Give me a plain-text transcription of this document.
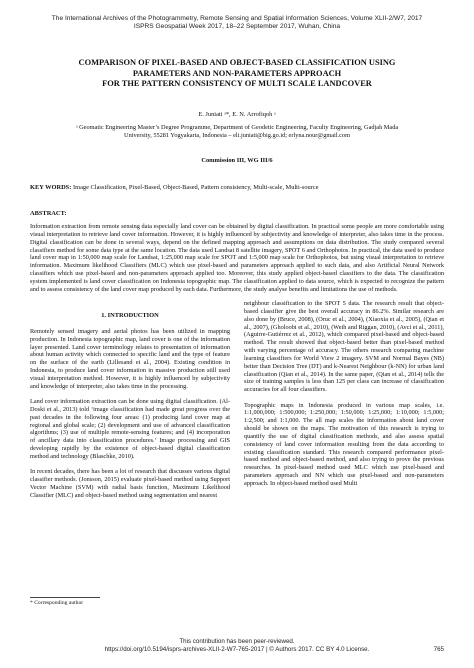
The International Archives of the Photogrammetry, Remote Sensing and Spatial Information Sciences, Volume XLII-2/W7, 2017
ISPRS Geospatial Week 2017, 18–22 September 2017, Wuhan, China
COMPARISON OF PIXEL-BASED AND OBJECT-BASED CLASSIFICATION USING
PARAMETERS AND NON-PARAMETERS APPROACH
FOR THE PATTERN CONSISTENCY OF MULTI SCALE LANDCOVER
E. Juniati ᵃ*, E. N. Arrofiqoh ᵃ
ᵃ Geomatic Engineering Master’s Degree Programme, Department of Geodetic Engineering, Faculty Engineering, Gadjah Mada
University, 55281 Yogyakarta, Indonesia – eli.juniati@big.go.id; erlyna.nour@gmail.com
Commission III, WG III/6
KEY WORDS: Image Classification, Pixel-Based, Object-Based, Pattern consistency, Multi-scale, Multi-source
ABSTRACT:
Information extraction from remote sensing data especially land cover can be obtained by digital classification. In practical some people are more comfortable using visual interpretation to retrieve land cover information. However, it is highly influenced by subjectivity and knowledge of interpreter, also takes time in the process. Digital classification can be done in several ways, depend on the defined mapping approach and assumptions on data distribution. The study compared several classifiers method for some data type at the same location. The data used Landsat 8 satellite imagery, SPOT 6 and Orthophotos. In practical, the data used to produce land cover map in 1:50,000 map scale for Landsat, 1:25,000 map scale for SPOT and 1:5,000 map scale for Orthophotos, but using visual interpretation to retrieve information. Maximum likelihood Classifiers (MLC) which use pixel-based and parameters approach applied to such data, and also Artificial Neural Network classifiers which use pixel-based and non-parameters approach applied too. Moreover, this study applied object-based classifiers to the data. The classification system implemented is land cover classification on Indonesia topographic map. The classification applied to data source, which is expected to recognize the pattern and to assess consistency of the land cover map produced by each data. Furthermore, the study analyse benefits and limitations the use of methods.
1. INTRODUCTION

Remotely sensed imagery and aerial photos has been utilized in mapping production. In Indonesia topographic map, land cover is one of the information layer presented. Land cover terminology relates to presentation of information about human activity which connected to specific land and the type of feature on the surface of the earth (Lillesand et al., 2004). Existing condition in Indonesia, to produce land cover information in massive production still used visual interpretation method. However, it is highly influenced by subjectivity and knowledge of interpreter, also takes time in the processing.

Land cover information extraction can be done using digital classification. (Al-Doski et al., 2013) told ‘image classification had made great progress over the past decades in the following four areas: (1) producing land cover map at regional and global scale; (2) development and use of advanced classification algorithms; (3) use of multiple remote-sensing features; and (4) incorporation of ancillary data into classification procedures.’ Image processing and GIS developing rapidly by the existence of object-based digital classification method and technology (Blaschke, 2010).

In recent decades, there has been a lot of research that discusses various digital classifier methods. (Jonsson, 2015) evaluate pixel-based method using Support Vector Machine (SVM) with radial basis function, Maximum Likelihood Classifier (MLC) and object-based method using segmentation and nearest

neighbour classification to the SPOT 5 data. The research result that object-based classifier give the best overall accuracy in 86.2%. Similar research are also done by (Bruce, 2008), (Oruc et al., 2004), (Xiaoxia et al., 2005), (Qian et al., 2007), (Gholoobi et al., 2010), (Weih and Riggan, 2010), (Avci et al., 2011), (Aguirre-Gutiérrez et al., 2012), which compared pixel-based and object-based method. The result showed that object-based better than pixel-based method with varying percentage of accuracy. The others research comparing machine learning classifiers for World View 2 imagery. SVM and Normal Bayes (NB) better than Decision Tree (DT) and k-Nearest Neighbour (k-NN) for urban land classification (Qian et al., 2014). In the same paper, (Qian et al., 2014) tells the size of training samples is less than 125 per class can increase of classification accuracies for all four classifiers.

Topographic maps in Indonesia produced in various map scales, i.e. 1:1,000,000; 1:500,000; 1:250,000; 1:50,000; 1:25,000; 1:10,000; 1:5,000; 1:2,500; and 1:1,000. The all map scales the information about land cover should be shown on the maps. The motivation of this research is trying to quantify the use of digital classification methods, and also assess spatial consistency of land cover information resulting from the data according to existing classification standard. This research compared performance pixel-based method and object-based method, and also trying to prove the previous researches. In pixel-based method used MLC which use pixel-based and parameters approach and NN which use pixel-based and non-parameters approach. In object-based method used Multi

* Corresponding author
This contribution has been peer-reviewed.
https://doi.org/10.5194/isprs-archives-XLII-2-W7-765-2017 | © Authors 2017. CC BY 4.0 License.	765
